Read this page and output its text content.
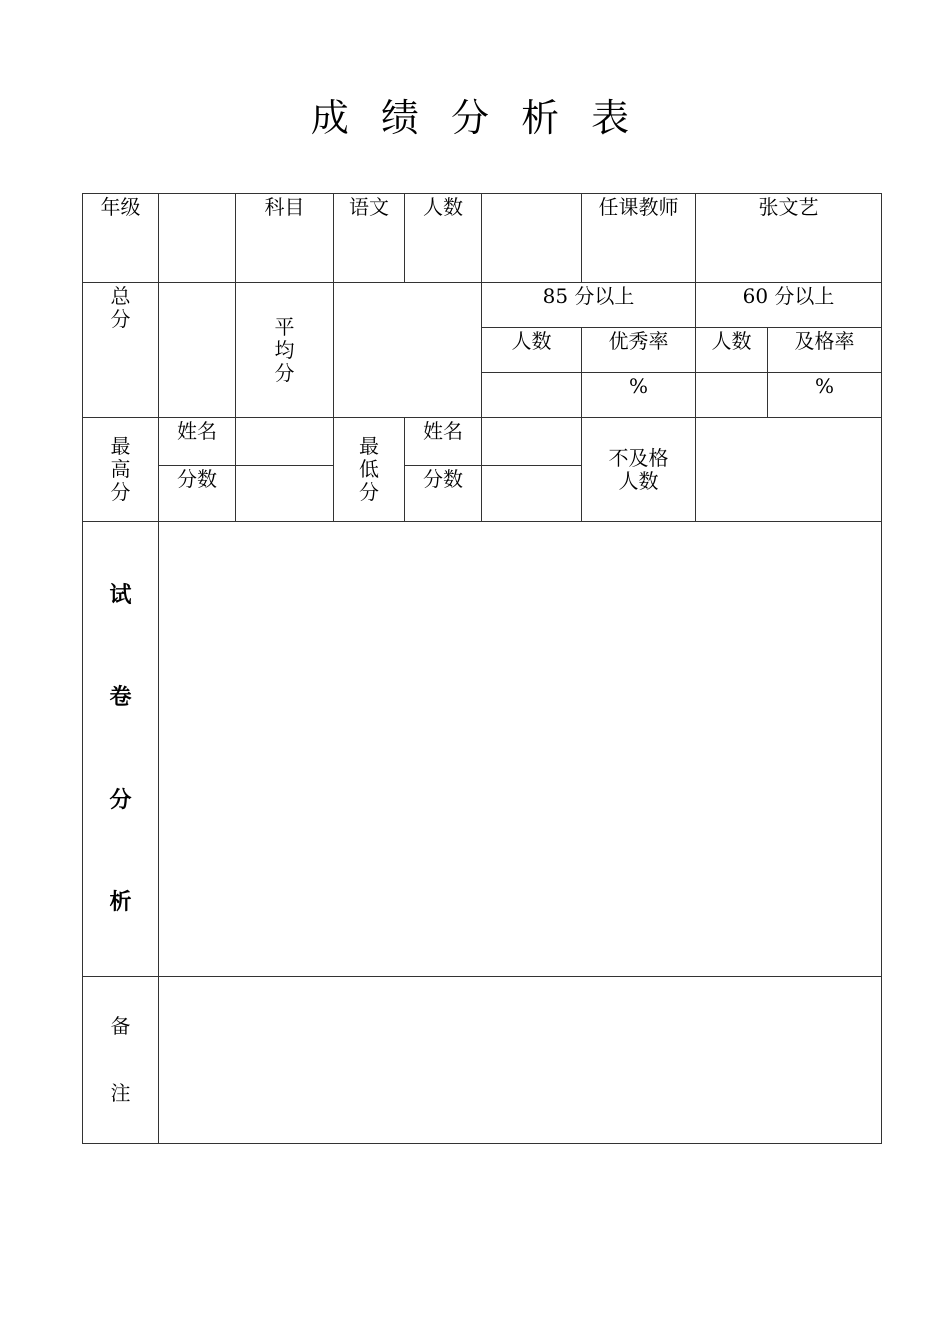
成 绩 分 析 表
年级		科目	语文	人数		任课教师	张文艺	
总分		平均分			85 分以上		60 分以上	
					人数	优秀率	人数	及格率
						%		%
最高分	姓名		最低分	姓名		不及格人数		
	分数			分数				

试
卷
分
析								

备
注								
